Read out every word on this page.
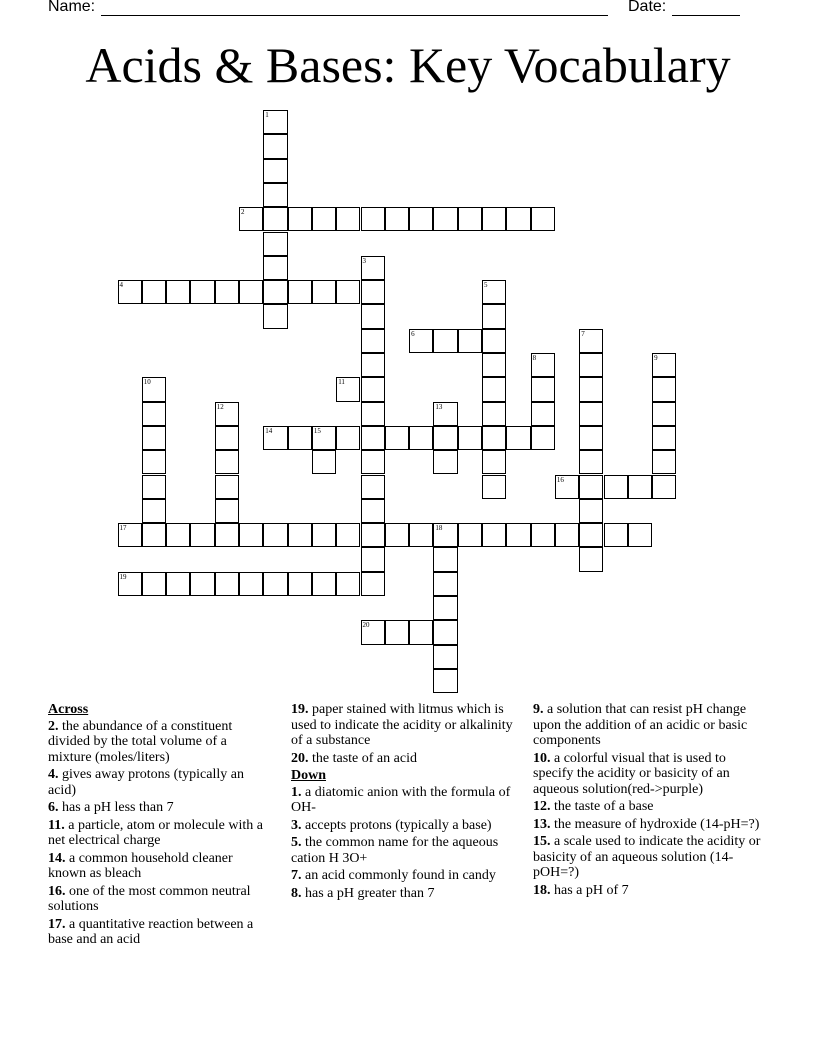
Name:	Date:
Acids & Bases: Key Vocabulary
1
2
3
4	5
6	7
8	9
10	11
12	13
14	15
16
17	18
19
20
Across
2. the abundance of a constituent divided by the total volume of a mixture (moles/liters)
4. gives away protons (typically an acid)
6. has a pH less than 7
11. a particle, atom or molecule with a net electrical charge
14. a common household cleaner known as bleach
16. one of the most common neutral solutions
17. a quantitative reaction between a base and an acid
19. paper stained with litmus which is used to indicate the acidity or alkalinity of a substance
20. the taste of an acid
Down
1. a diatomic anion with the formula of OH-
3. accepts protons (typically a base)
5. the common name for the aqueous cation H 3O+
7. an acid commonly found in candy
8. has a pH greater than 7
9. a solution that can resist pH change upon the addition of an acidic or basic components
10. a colorful visual that is used to specify the acidity or basicity of an aqueous solution(red->purple)
12. the taste of a base
13. the measure of hydroxide (14-pH=?)
15. a scale used to indicate the acidity or basicity of an aqueous solution (14-pOH=?)
18. has a pH of 7
